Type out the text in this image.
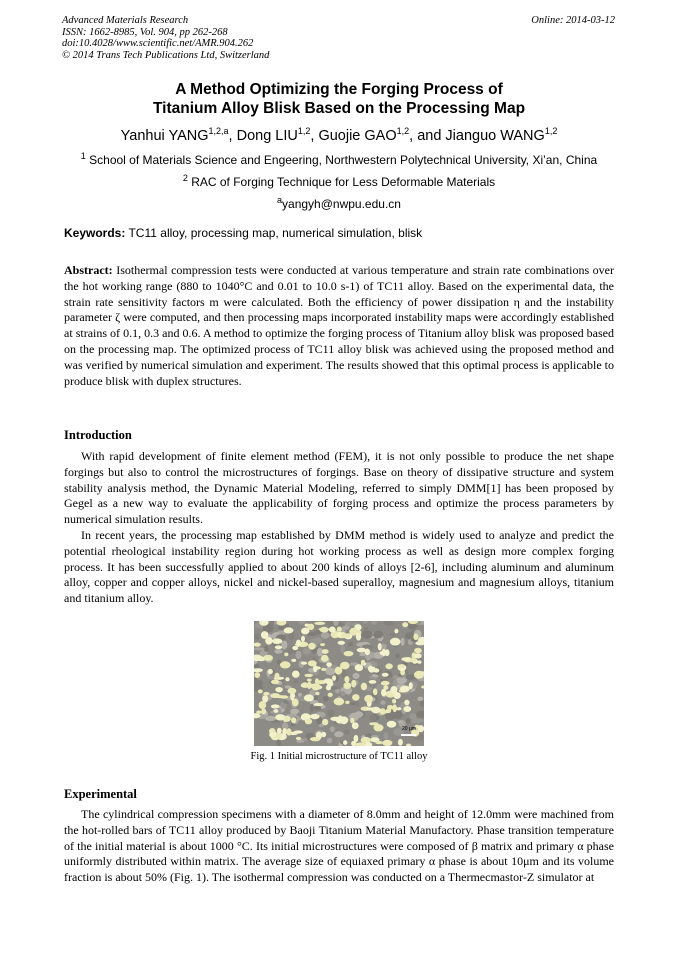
Advanced Materials Research
ISSN: 1662-8985, Vol. 904, pp 262-268
doi:10.4028/www.scientific.net/AMR.904.262
© 2014 Trans Tech Publications Ltd, Switzerland
Online: 2014-03-12
A Method Optimizing the Forging Process of
Titanium Alloy Blisk Based on the Processing Map
Yanhui YANG$^{1,2,a}$, Dong LIU$^{1,2}$, Guojie GAO$^{1,2}$, and Jianguo WANG$^{1,2}$
$^1$ School of Materials Science and Engeering, Northwestern Polytechnical University, Xi’an, China
$^2$ RAC of Forging Technique for Less Deformable Materials
$^a$yangyh@nwpu.edu.cn
Keywords: TC11 alloy, processing map, numerical simulation, blisk
Abstract: Isothermal compression tests were conducted at various temperature and strain rate combinations over the hot working range (880 to 1040°C and 0.01 to 10.0 s-1) of TC11 alloy. Based on the experimental data, the strain rate sensitivity factors m were calculated. Both the efficiency of power dissipation η and the instability parameter ζ were computed, and then processing maps incorporated instability maps were accordingly established at strains of 0.1, 0.3 and 0.6. A method to optimize the forging process of Titanium alloy blisk was proposed based on the processing map. The optimized process of TC11 alloy blisk was achieved using the proposed method and was verified by numerical simulation and experiment. The results showed that this optimal process is applicable to produce blisk with duplex structures.
Introduction
With rapid development of finite element method (FEM), it is not only possible to produce the net shape forgings but also to control the microstructures of forgings. Base on theory of dissipative structure and system stability analysis method, the Dynamic Material Modeling, referred to simply DMM[1] has been proposed by Gegel as a new way to evaluate the applicability of forging process and optimize the process parameters by numerical simulation results.
In recent years, the processing map established by DMM method is widely used to analyze and predict the potential rheological instability region during hot working process as well as design more complex forging process. It has been successfully applied to about 200 kinds of alloys [2-6], including aluminum and aluminum alloy, copper and copper alloys, nickel and nickel-based superalloy, magnesium and magnesium alloys, titanium and titanium alloy.
20 μm
Fig. 1 Initial microstructure of TC11 alloy
Experimental
The cylindrical compression specimens with a diameter of 8.0mm and height of 12.0mm were machined from the hot-rolled bars of TC11 alloy produced by Baoji Titanium Material Manufactory. Phase transition temperature of the initial material is about 1000 °C. Its initial microstructures were composed of β matrix and primary α phase uniformly distributed within matrix. The average size of equiaxed primary α phase is about 10μm and its volume fraction is about 50% (Fig. 1). The isothermal compression was conducted on a Thermecmastor-Z simulator at
